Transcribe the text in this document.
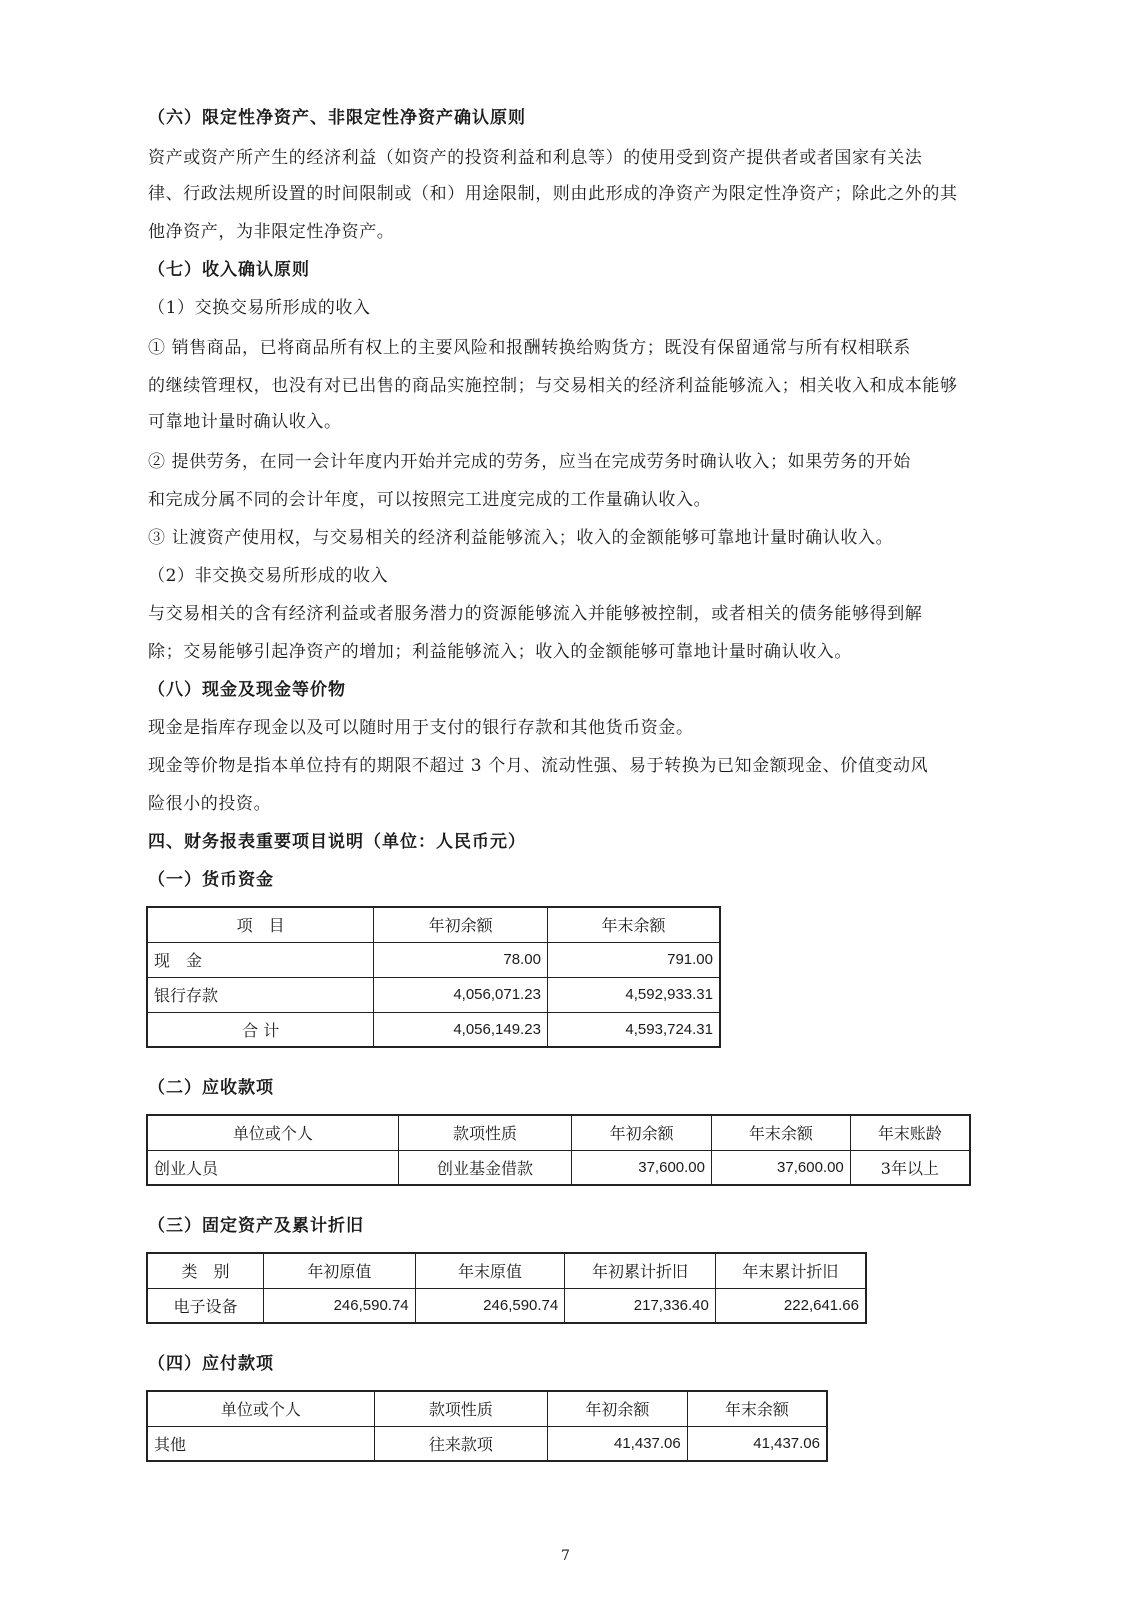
（六）限定性净资产、非限定性净资产确认原则
资产或资产所产生的经济利益（如资产的投资利益和利息等）的使用受到资产提供者或者国家有关法
律、行政法规所设置的时间限制或（和）用途限制，则由此形成的净资产为限定性净资产；除此之外的其
他净资产，为非限定性净资产。
（七）收入确认原则
（1）交换交易所形成的收入
① 销售商品，已将商品所有权上的主要风险和报酬转换给购货方；既没有保留通常与所有权相联系
的继续管理权，也没有对已出售的商品实施控制；与交易相关的经济利益能够流入；相关收入和成本能够
可靠地计量时确认收入。
② 提供劳务，在同一会计年度内开始并完成的劳务，应当在完成劳务时确认收入；如果劳务的开始
和完成分属不同的会计年度，可以按照完工进度完成的工作量确认收入。
③ 让渡资产使用权，与交易相关的经济利益能够流入；收入的金额能够可靠地计量时确认收入。
（2）非交换交易所形成的收入
与交易相关的含有经济利益或者服务潜力的资源能够流入并能够被控制，或者相关的债务能够得到解
除；交易能够引起净资产的增加；利益能够流入；收入的金额能够可靠地计量时确认收入。
（八）现金及现金等价物
现金是指库存现金以及可以随时用于支付的银行存款和其他货币资金。
现金等价物是指本单位持有的期限不超过 3 个月、流动性强、易于转换为已知金额现金、价值变动风
险很小的投资。
四、财务报表重要项目说明（单位：人民币元）
（一）货币资金
项　目	年初余额	年末余额
现　金	78.00	791.00
银行存款	4,056,071.23	4,592,933.31
合 计	4,056,149.23	4,593,724.31
（二）应收款项
单位或个人	款项性质	年初余额	年末余额	年末账龄
创业人员	创业基金借款	37,600.00	37,600.00	3年以上
（三）固定资产及累计折旧
类　别	年初原值	年末原值	年初累计折旧	年末累计折旧
电子设备	246,590.74	246,590.74	217,336.40	222,641.66
（四）应付款项
单位或个人	款项性质	年初余额	年末余额
其他	往来款项	41,437.06	41,437.06
7
